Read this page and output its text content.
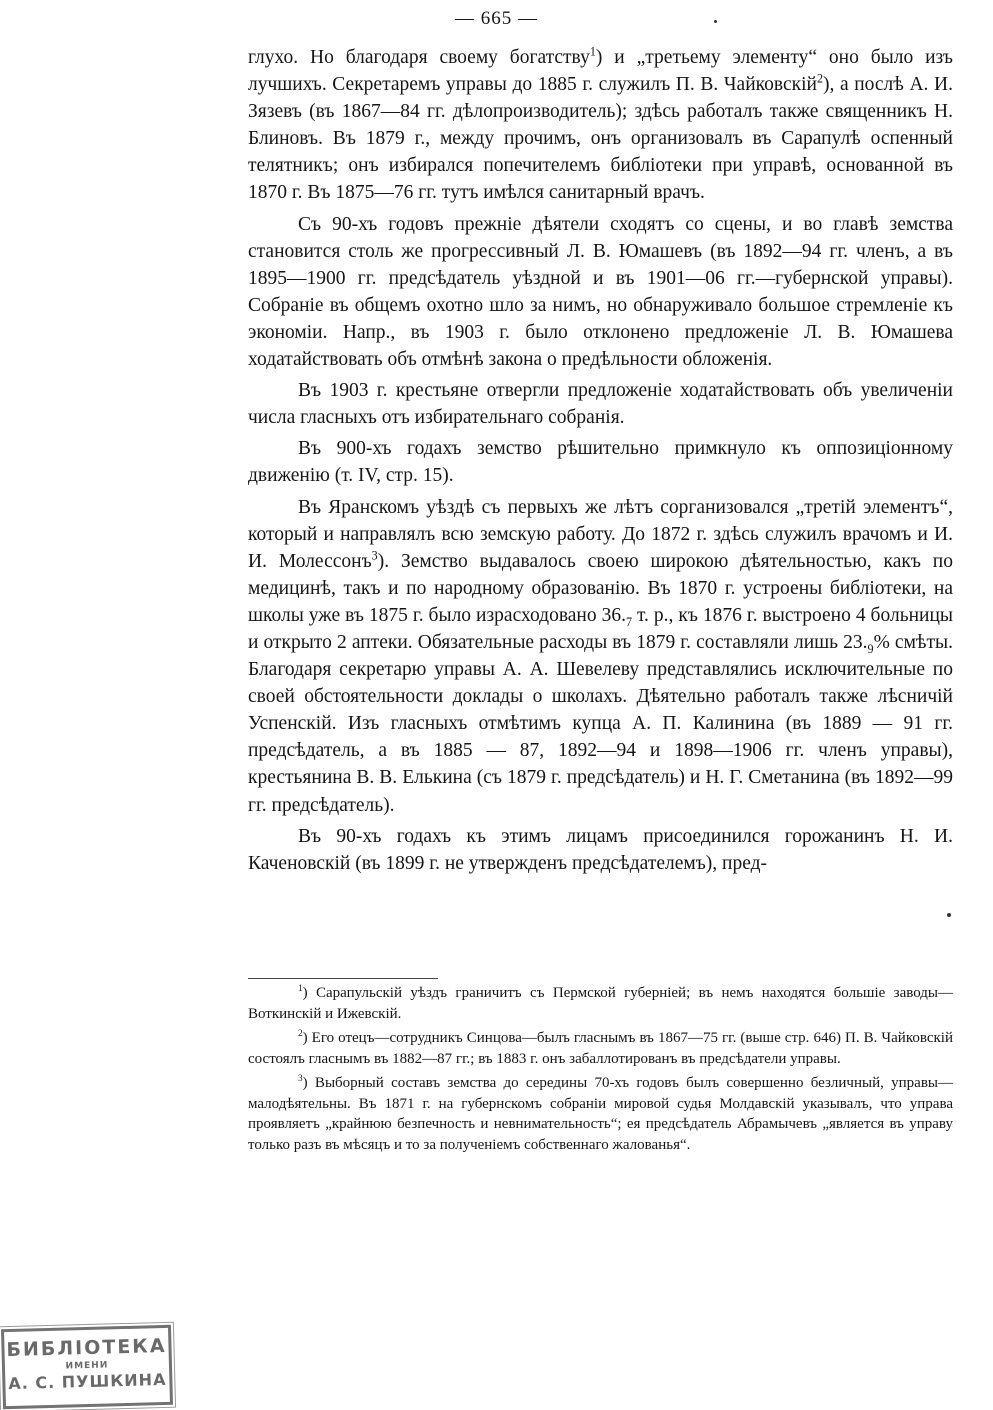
— 665 —

глухо. Но благодаря своему богатству$^1$) и „третьему элементу“ оно было изъ лучшихъ. Секретаремъ управы до 1885 г. служилъ П. В. Чайковскій$^2$), а послѣ А. И. Зязевъ (въ 1867—84 гг. дѣлопроизводитель); здѣсь работалъ также священникъ Н. Блиновъ. Въ 1879 г., между прочимъ, онъ организовалъ въ Сарапулѣ оспенный телятникъ; онъ избирался попечителемъ библіотеки при управѣ, основанной въ 1870 г. Въ 1875—76 гг. тутъ имѣлся санитарный врачъ.

Съ 90-хъ годовъ прежніе дѣятели сходятъ со сцены, и во главѣ земства становится столь же прогрессивный Л. В. Юмашевъ (въ 1892—94 гг. членъ, а въ 1895—1900 гг. предсѣдатель уѣздной и въ 1901—06 гг.—губернской управы). Собраніе въ общемъ охотно шло за нимъ, но обнаруживало большое стремленіе къ экономіи. Напр., въ 1903 г. было отклонено предложеніе Л. В. Юмашева ходатайствовать объ отмѣнѣ закона о предѣльности обложенія.

Въ 1903 г. крестьяне отвергли предложеніе ходатайствовать объ увеличеніи числа гласныхъ отъ избирательнаго собранія.

Въ 900-хъ годахъ земство рѣшительно примкнуло къ оппозиціонному движенію (т. IV, стр. 15).

Въ Яранскомъ уѣздѣ съ первыхъ же лѣтъ сорганизовался „третій элементъ“, который и направлялъ всю земскую работу. До 1872 г. здѣсь служилъ врачомъ и И. И. Молессонъ$^3$). Земство выдавалось своею широкою дѣятельностью, какъ по медицинѣ, такъ и по народному образованію. Въ 1870 г. устроены библіотеки, на школы уже въ 1875 г. было израсходовано $36._7$ т. р., къ 1876 г. выстроено 4 больницы и открыто 2 аптеки. Обязательные расходы въ 1879 г. составляли лишь $23._9\%$ смѣты. Благодаря секретарю управы А. А. Шевелеву представлялись исключительные по своей обстоятельности доклады о школахъ. Дѣятельно работалъ также лѣсничій Успенскій. Изъ гласныхъ отмѣтимъ купца А. П. Калинина (въ 1889 — 91 гг. предсѣдатель, а въ 1885 — 87, 1892—94 и 1898—1906 гг. членъ управы), крестьянина В. В. Елькина (съ 1879 г. предсѣдатель) и Н. Г. Сметанина (въ 1892—99 гг. предсѣдатель).

Въ 90-хъ годахъ къ этимъ лицамъ присоединился горожанинъ Н. И. Каченовскій (въ 1899 г. не утвержденъ предсѣдателемъ), пред-

$^1$) Сарапульскій уѣздъ граничитъ съ Пермской губерніей; въ немъ находятся большіе заводы—Воткинскій и Ижевскій.

$^2$) Его отецъ—сотрудникъ Синцова—былъ гласнымъ въ 1867—75 гг. (выше стр. 646) П. В. Чайковскій состоялъ гласнымъ въ 1882—87 гг.; въ 1883 г. онъ забаллотированъ въ предсѣдатели управы.

$^3$) Выборный составъ земства до середины 70-хъ годовъ былъ совершенно безличный, управы—малодѣятельны. Въ 1871 г. на губернскомъ собраніи мировой судья Молдавскій указывалъ, что управа проявляетъ „крайнюю безпечность и невнимательность“; ея предсѣдатель Абрамычевъ „является въ управу только разъ въ мѣсяцъ и то за полученіемъ собственнаго жалованья“.

БИБЛІОТЕКА
ИМЕНИ
А. С. ПУШКИНА
